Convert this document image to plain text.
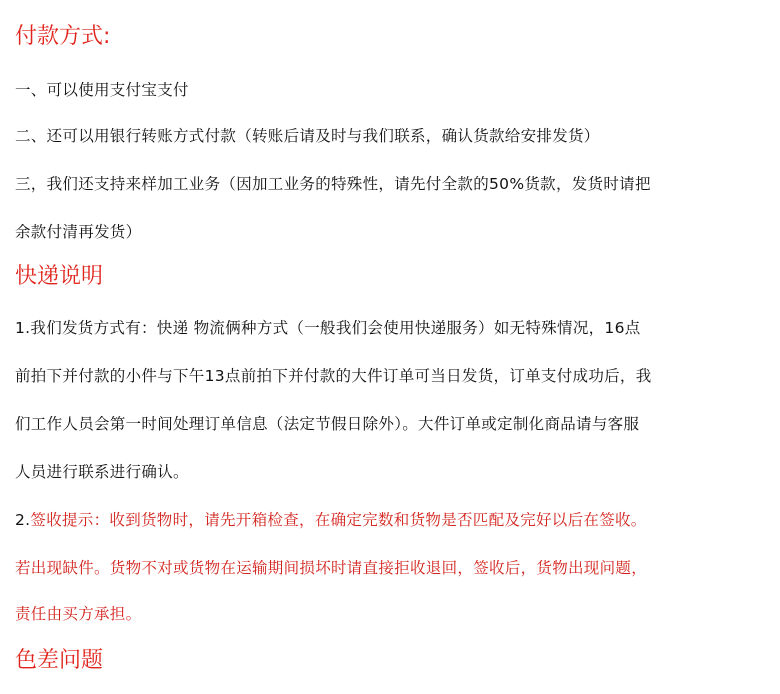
付款方式:
一、可以使用支付宝支付
二、还可以用银行转账方式付款（转账后请及时与我们联系，确认货款给安排发货）
三，我们还支持来样加工业务（因加工业务的特殊性，请先付全款的50%货款，发货时请把
余款付清再发货）
快递说明
1.我们发货方式有：快递 物流俩种方式（一般我们会使用快递服务）如无特殊情况，16点
前拍下并付款的小件与下午13点前拍下并付款的大件订单可当日发货，订单支付成功后，我
们工作人员会第一时间处理订单信息（法定节假日除外）。大件订单或定制化商品请与客服
人员进行联系进行确认。
2.签收提示：收到货物时，请先开箱检查，在确定完数和货物是否匹配及完好以后在签收。
若出现缺件。货物不对或货物在运输期间损坏时请直接拒收退回，签收后，货物出现问题，
责任由买方承担。
色差问题
